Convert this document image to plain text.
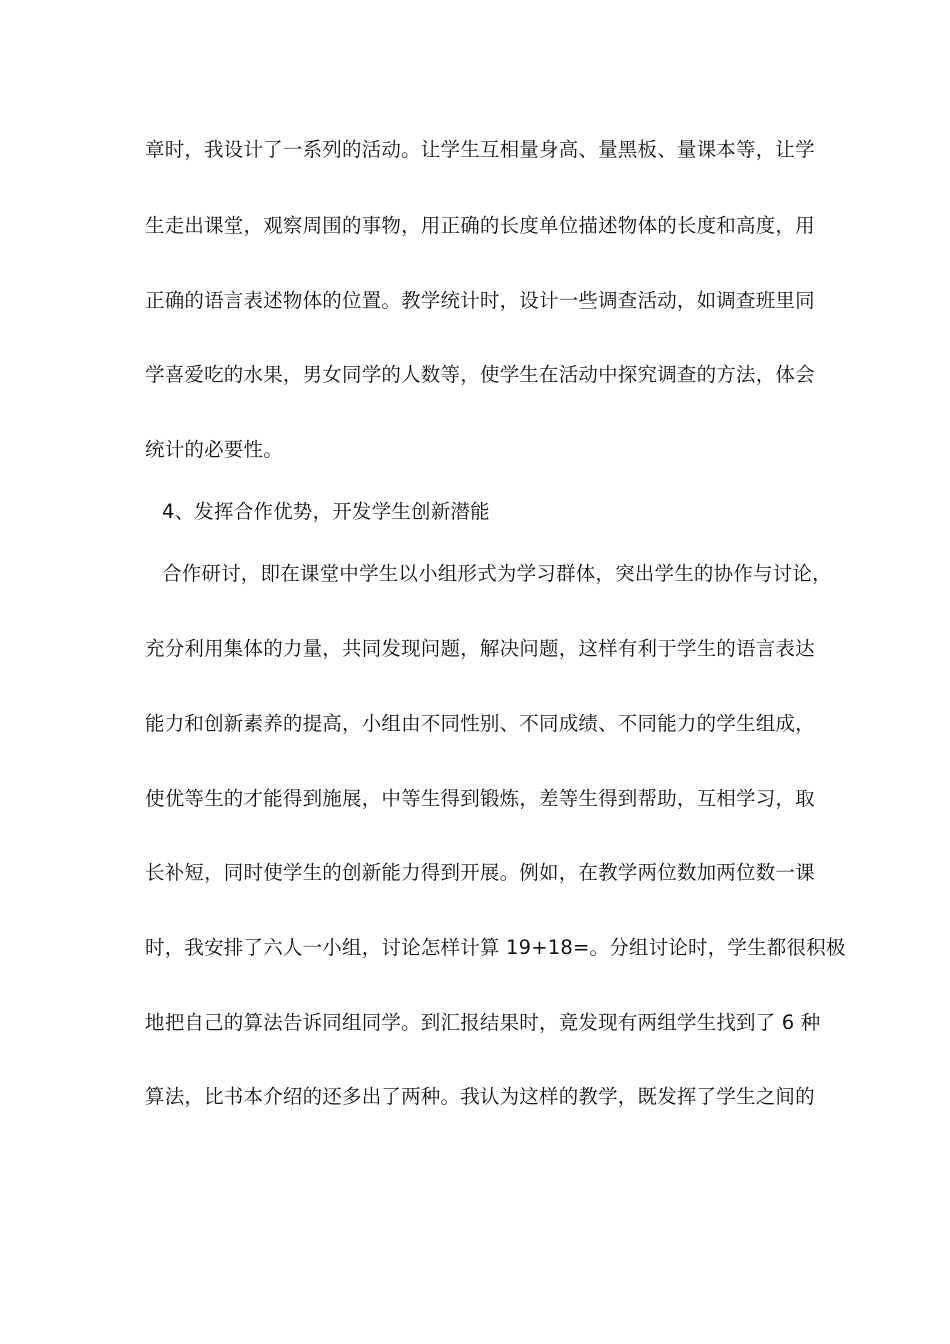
章时，我设计了一系列的活动。让学生互相量身高、量黑板、量课本等，让学
生走出课堂，观察周围的事物，用正确的长度单位描述物体的长度和高度，用
正确的语言表述物体的位置。教学统计时，设计一些调查活动，如调查班里同
学喜爱吃的水果，男女同学的人数等，使学生在活动中探究调查的方法，体会
统计的必要性。
4、发挥合作优势，开发学生创新潜能
合作研讨，即在课堂中学生以小组形式为学习群体，突出学生的协作与讨论，
充分利用集体的力量，共同发现问题，解决问题，这样有利于学生的语言表达
能力和创新素养的提高，小组由不同性别、不同成绩、不同能力的学生组成，
使优等生的才能得到施展，中等生得到锻炼，差等生得到帮助，互相学习，取
长补短，同时使学生的创新能力得到开展。例如，在教学两位数加两位数一课
时，我安排了六人一小组，讨论怎样计算 19+18=。分组讨论时，学生都很积极
地把自己的算法告诉同组同学。到汇报结果时，竟发现有两组学生找到了 6 种
算法，比书本介绍的还多出了两种。我认为这样的教学，既发挥了学生之间的
